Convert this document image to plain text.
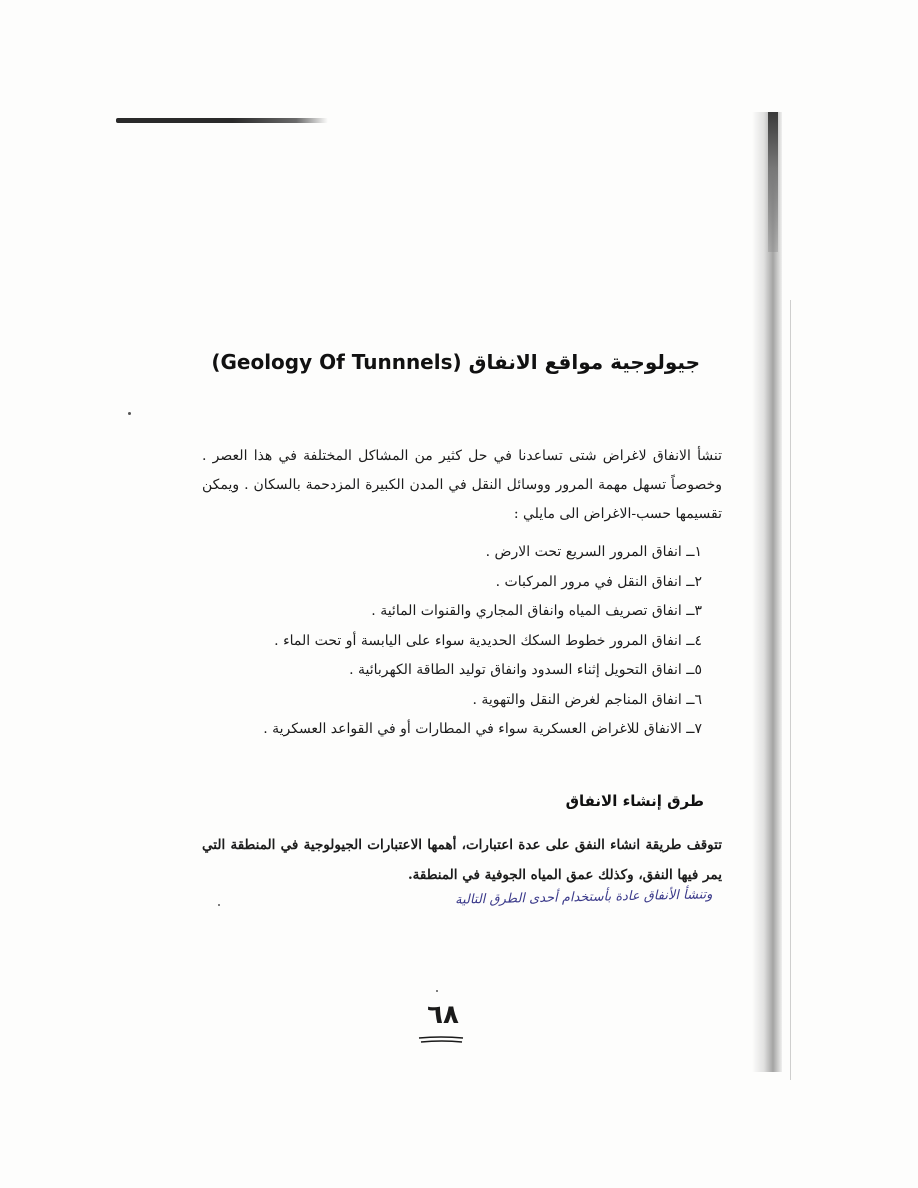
جيولوجية مواقع الانفاق (Geology Of Tunnnels)
تنشأ الانفاق لاغراض شتى تساعدنا في حل كثير من المشاكل المختلفة في هذا العصر . وخصوصاً تسهل مهمة المرور ووسائل النقل في المدن الكبيرة المزدحمة بالسكان . ويمكن تقسيمها حسب-الاغراض الى مايلي :
١ــ انفاق المرور السريع تحت الارض .
٢ــ انفاق النقل في مرور المركبات .
٣ــ انفاق تصريف المياه وانفاق المجاري والقنوات المائية .
٤ــ انفاق المرور خطوط السكك الحديدية سواء على اليابسة أو تحت الماء .
٥ــ انفاق التحويل إثناء السدود وانفاق توليد الطاقة الكهربائية .
٦ــ انفاق المناجم لغرض النقل والتهوية .
٧ــ الانفاق للاغراض العسكرية سواء في المطارات أو في القواعد العسكرية .
طرق إنشاء الانفاق
تتوقف طريقة انشاء النفق على عدة اعتبارات، أهمها الاعتبارات الجيولوجية في المنطقة التي يمر فيها النفق، وكذلك عمق المياه الجوفية في المنطقة.
وتنشأ الأنفاق عادة بأستخدام أحدى الطرق التالية
٦٨
